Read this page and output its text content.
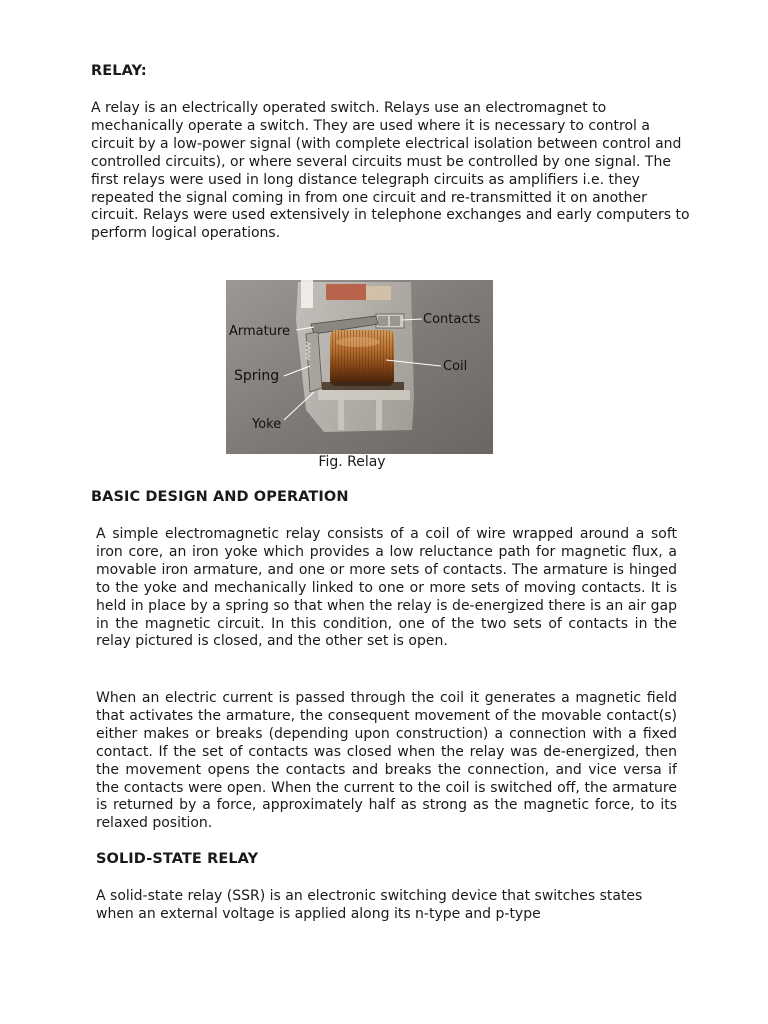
RELAY:

A relay is an electrically operated switch. Relays use an electromagnet to mechanically operate a switch. They are used where it is necessary to control a circuit by a low-power signal (with complete electrical isolation between control and controlled circuits), or where several circuits must be controlled by one signal. The first relays were used in long distance telegraph circuits as amplifiers i.e. they repeated the signal coming in from one circuit and re-transmitted it on another circuit. Relays were used extensively in telephone exchanges and early computers to perform logical operations.

Armature
Contacts
Coil
Spring
Yoke
Fig. Relay
BASIC DESIGN AND OPERATION

A simple electromagnetic relay consists of a coil of wire wrapped around a soft iron core, an iron yoke which provides a low reluctance path for magnetic flux, a movable iron armature, and one or more sets of contacts. The armature is hinged to the yoke and mechanically linked to one or more sets of moving contacts. It is held in place by a spring so that when the relay is de-energized there is an air gap in the magnetic circuit. In this condition, one of the two sets of contacts in the relay pictured is closed, and the other set is open.

When an electric current is passed through the coil it generates a magnetic field that activates the armature, the consequent movement of the movable contact(s) either makes or breaks (depending upon construction) a connection with a fixed contact. If the set of contacts was closed when the relay was de-energized, then the movement opens the contacts and breaks the connection, and vice versa if the contacts were open. When the current to the coil is switched off, the armature is returned by a force, approximately half as strong as the magnetic force, to its relaxed position.

SOLID-STATE RELAY

A solid-state relay (SSR) is an electronic switching device that switches states when an external voltage is applied along its n-type and p-type
